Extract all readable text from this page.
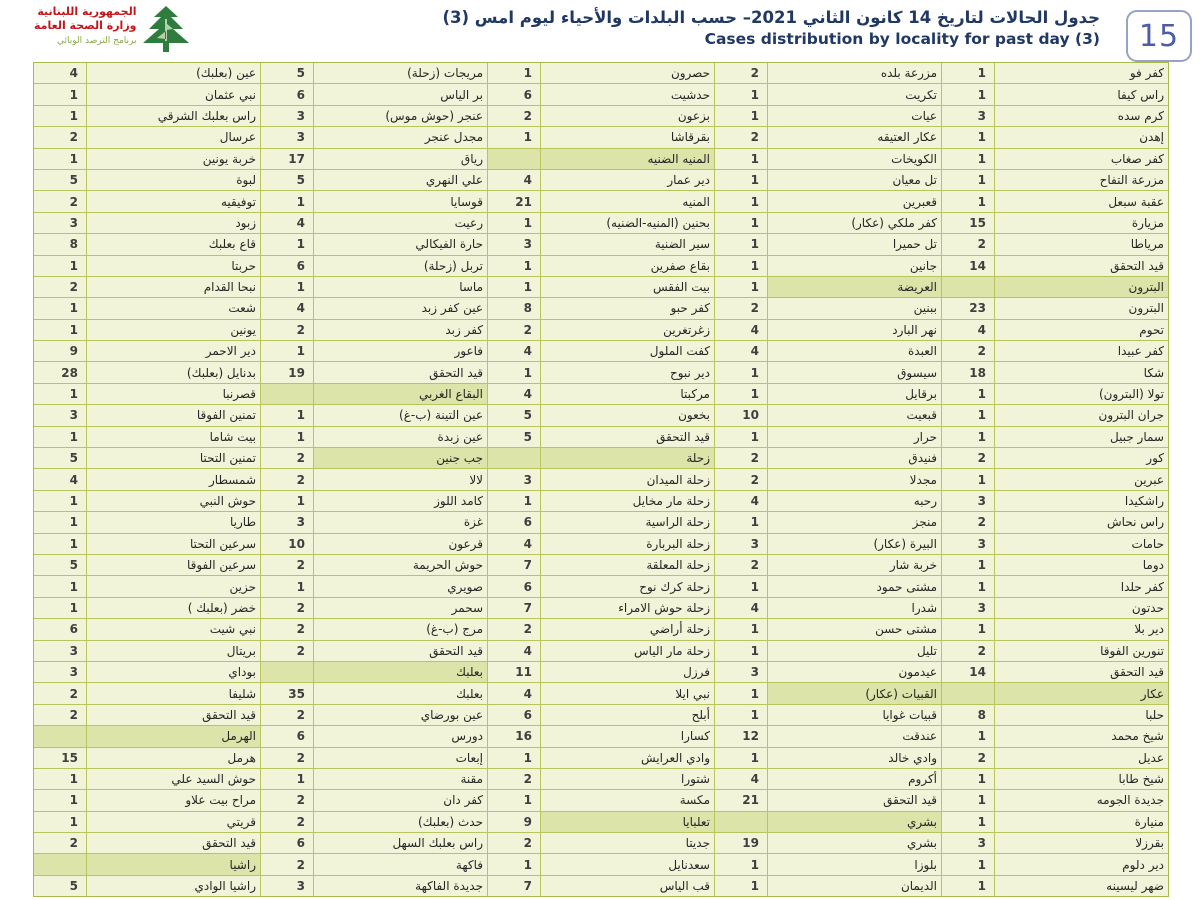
الجمهورية اللبنانية
وزارة الصحة العامة
برنامج الترصد الوبائي
جدول الحالات لتاريخ 14 كانون الثاني 2021– حسب البلدات والأحياء ليوم امس (3)
Cases distribution by locality for past day (3)	15
كفر فو
1
مزرعة بلده
2
حصرون
1
مريجات (زحلة)
5
عين (بعلبك)
4
راس كيفا
1
تكريت
1
حدشيت
6
بر الياس
6
نبي عثمان
1
كرم سده
3
عيات
1
بزعون
2
عنجر (حوش موس)
3
راس بعلبك الشرقي
1
إهدن
1
عكار العتيقه
2
بقرقاشا
1
مجدل عنجر
3
عرسال
2
كفر صغاب
1
الكويخات
1
المنيه الضنيه
رياق
17
خربة يونين
1
مزرعة التفاح
1
تل معيان
1
دير عمار
4
علي النهري
5
لبوة
5
عقبة سبعل
1
قعبرين
1
المنيه
21
قوسايا
1
توفيقيه
2
مزيارة
15
كفر ملكي (عكار)
1
بحنين (المنيه-الضنيه)
1
رعيت
4
زبود
3
مرياطا
2
تل حميرا
1
سير الضنية
3
حارة الفيكالي
1
قاع بعلبك
8
قيد التحقق
14
جانين
1
بقاع صفرين
1
تربل (زحلة)
6
حربتا
1
البترون
العريضة
1
بيت الفقس
1
ماسا
1
نبحا القدام
2
البترون
23
ببنين
2
كفر حبو
8
عين كفر زبد
4
شعت
1
تحوم
4
نهر البارد
4
زغرتغرين
2
كفر زبد
2
يونين
1
كفر عبيدا
2
العبدة
4
كفت الملول
4
فاعور
1
دير الاحمر
9
شكا
18
سيسوق
1
دير نبوح
1
قيد التحقق
19
بدنايل (بعلبك)
28
تولا (البترون)
1
برقايل
1
مركبتا
4
البقاع الغربي
قصرنبا
1
جران البترون
1
قبعيت
10
بخعون
5
عين التينة (ب-غ)
1
تمنين الفوقا
3
سمار جبيل
1
حرار
1
قيد التحقق
5
عين زبدة
1
بيت شاما
1
كور
2
فنيدق
2
زحلة
جب جنين
2
تمنين التحتا
5
عبرين
1
مجدلا
2
زحلة الميدان
3
لالا
2
شمسطار
4
راشكيدا
3
رحبه
4
زحلة مار مخايل
1
كامد اللوز
1
حوش النبي
1
راس نحاش
2
منجز
1
زحلة الراسية
6
غزة
3
طاريا
1
حامات
3
البيرة (عكار)
3
زحلة البربارة
4
قرعون
10
سرعين التحتا
1
دوما
1
خربة شار
2
زحلة المعلقة
7
حوش الحريمة
2
سرعين الفوقا
5
كفر حلدا
1
مشتى حمود
1
زحلة كرك نوح
6
صويري
1
حزين
1
حدتون
3
شدرا
4
زحلة حوش الامراء
7
سحمر
2
خضر (بعلبك )
1
دير بلا
1
مشتى حسن
1
زحلة أراضي
2
مرج (ب-غ)
2
نبي شيت
6
تنورين الفوقا
2
تليل
1
زحلة مار الياس
4
قيد التحقق
2
بريتال
3
قيد التحقق
14
عيدمون
3
فرزل
11
بعلبك
بوداي
3
عكار
القبيات (عكار)
1
نبي ايلا
4
بعلبك
35
شليفا
2
حلبا
8
قبيات غوايا
1
أبلح
6
عين بورضاي
2
قيد التحقق
2
شيخ محمد
1
عندقت
12
كسارا
16
دورس
6
الهرمل
عديل
2
وادي خالد
1
وادي العرايش
1
إبعات
2
هرمل
15
شيخ طابا
1
أكروم
4
شتورا
2
مقنة
1
حوش السيد علي
1
جديدة الجومه
1
قيد التحقق
21
مكسة
1
كفر دان
2
مراح بيت علاو
1
منيارة
1
بشري
تعلبايا
9
حدث (بعلبك)
2
قريتي
1
بقرزلا
3
بشري
19
جديتا
2
راس بعلبك السهل
6
قيد التحقق
2
دير دلوم
1
بلوزا
1
سعدنايل
1
فاكهة
2
راشيا
ضهر ليسينه
1
الديمان
1
قب الياس
7
جديدة الفاكهة
3
راشيا الوادي
5
